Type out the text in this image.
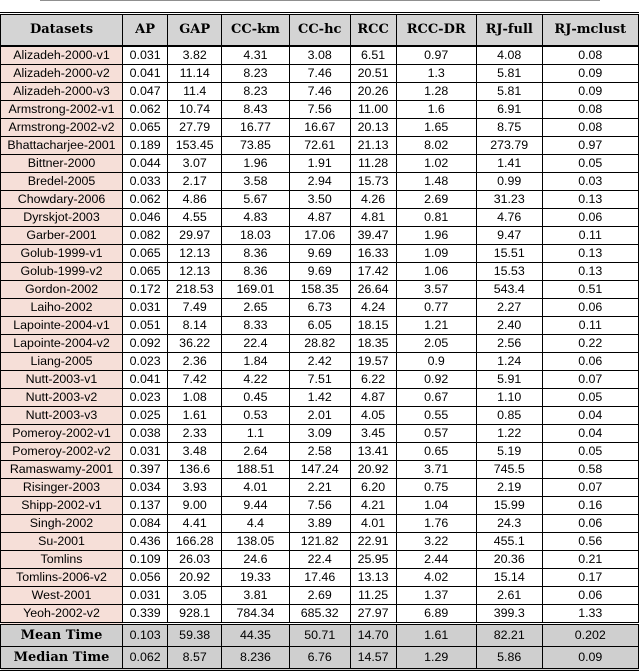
Datasets	AP	GAP	CC-km	CC-hc	RCC	RCC-DR	RJ-full	RJ-mclust
Alizadeh-2000-v1	0.031	3.82	4.31	3.08	6.51	0.97	4.08	0.08
Alizadeh-2000-v2	0.041	11.14	8.23	7.46	20.51	1.3	5.81	0.09
Alizadeh-2000-v3	0.047	11.4	8.23	7.46	20.26	1.28	5.81	0.09
Armstrong-2002-v1	0.062	10.74	8.43	7.56	11.00	1.6	6.91	0.08
Armstrong-2002-v2	0.065	27.79	16.77	16.67	20.13	1.65	8.75	0.08
Bhattacharjee-2001	0.189	153.45	73.85	72.61	21.13	8.02	273.79	0.97
Bittner-2000	0.044	3.07	1.96	1.91	11.28	1.02	1.41	0.05
Bredel-2005	0.033	2.17	3.58	2.94	15.73	1.48	0.99	0.03
Chowdary-2006	0.062	4.86	5.67	3.50	4.26	2.69	31.23	0.13
Dyrskjot-2003	0.046	4.55	4.83	4.87	4.81	0.81	4.76	0.06
Garber-2001	0.082	29.97	18.03	17.06	39.47	1.96	9.47	0.11
Golub-1999-v1	0.065	12.13	8.36	9.69	16.33	1.09	15.51	0.13
Golub-1999-v2	0.065	12.13	8.36	9.69	17.42	1.06	15.53	0.13
Gordon-2002	0.172	218.53	169.01	158.35	26.64	3.57	543.4	0.51
Laiho-2002	0.031	7.49	2.65	6.73	4.24	0.77	2.27	0.06
Lapointe-2004-v1	0.051	8.14	8.33	6.05	18.15	1.21	2.40	0.11
Lapointe-2004-v2	0.092	36.22	22.4	28.82	18.35	2.05	2.56	0.22
Liang-2005	0.023	2.36	1.84	2.42	19.57	0.9	1.24	0.06
Nutt-2003-v1	0.041	7.42	4.22	7.51	6.22	0.92	5.91	0.07
Nutt-2003-v2	0.023	1.08	0.45	1.42	4.87	0.67	1.10	0.05
Nutt-2003-v3	0.025	1.61	0.53	2.01	4.05	0.55	0.85	0.04
Pomeroy-2002-v1	0.038	2.33	1.1	3.09	3.45	0.57	1.22	0.04
Pomeroy-2002-v2	0.031	3.48	2.64	2.58	13.41	0.65	5.19	0.05
Ramaswamy-2001	0.397	136.6	188.51	147.24	20.92	3.71	745.5	0.58
Risinger-2003	0.034	3.93	4.01	2.21	6.20	0.75	2.19	0.07
Shipp-2002-v1	0.137	9.00	9.44	7.56	4.21	1.04	15.99	0.16
Singh-2002	0.084	4.41	4.4	3.89	4.01	1.76	24.3	0.06
Su-2001	0.436	166.28	138.05	121.82	22.91	3.22	455.1	0.56
Tomlins	0.109	26.03	24.6	22.4	25.95	2.44	20.36	0.21
Tomlins-2006-v2	0.056	20.92	19.33	17.46	13.13	4.02	15.14	0.17
West-2001	0.031	3.05	3.81	2.69	11.25	1.37	2.61	0.06
Yeoh-2002-v2	0.339	928.1	784.34	685.32	27.97	6.89	399.3	1.33
Mean Time	0.103	59.38	44.35	50.71	14.70	1.61	82.21	0.202
Median Time	0.062	8.57	8.236	6.76	14.57	1.29	5.86	0.09
